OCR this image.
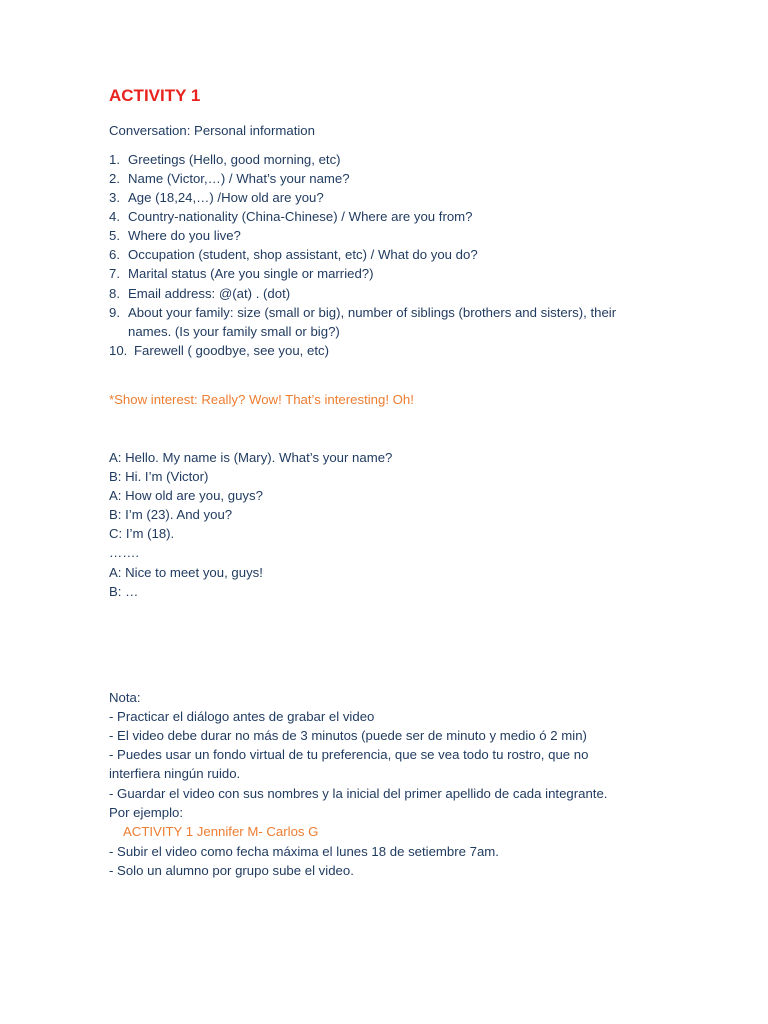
ACTIVITY 1
Conversation: Personal information
1. Greetings (Hello, good morning, etc)
2. Name (Victor,…) / What’s your name?
3. Age (18,24,…) /How old are you?
4. Country-nationality (China-Chinese) / Where are you from?
5. Where do you live?
6. Occupation (student, shop assistant, etc) / What do you do?
7. Marital status (Are you single or married?)
8. Email address: @(at) . (dot)
9. About your family: size (small or big), number of siblings (brothers and sisters), their
names. (Is your family small or big?)
10. Farewell ( goodbye, see you, etc)
*Show interest: Really? Wow! That’s interesting! Oh!
A: Hello. My name is (Mary). What’s your name?
B: Hi. I’m (Victor)
A: How old are you, guys?
B: I’m (23). And you?
C: I’m (18).
…….
A: Nice to meet you, guys!
B: …
Nota:
- Practicar el diálogo antes de grabar el video
- El video debe durar no más de 3 minutos (puede ser de minuto y medio ó 2 min)
- Puedes usar un fondo virtual de tu preferencia, que se vea todo tu rostro, que no
interfiera ningún ruido.
- Guardar el video con sus nombres y la inicial del primer apellido de cada integrante.
Por ejemplo:
ACTIVITY 1 Jennifer M- Carlos G
- Subir el video como fecha máxima el lunes 18 de setiembre 7am.
- Solo un alumno por grupo sube el video.
